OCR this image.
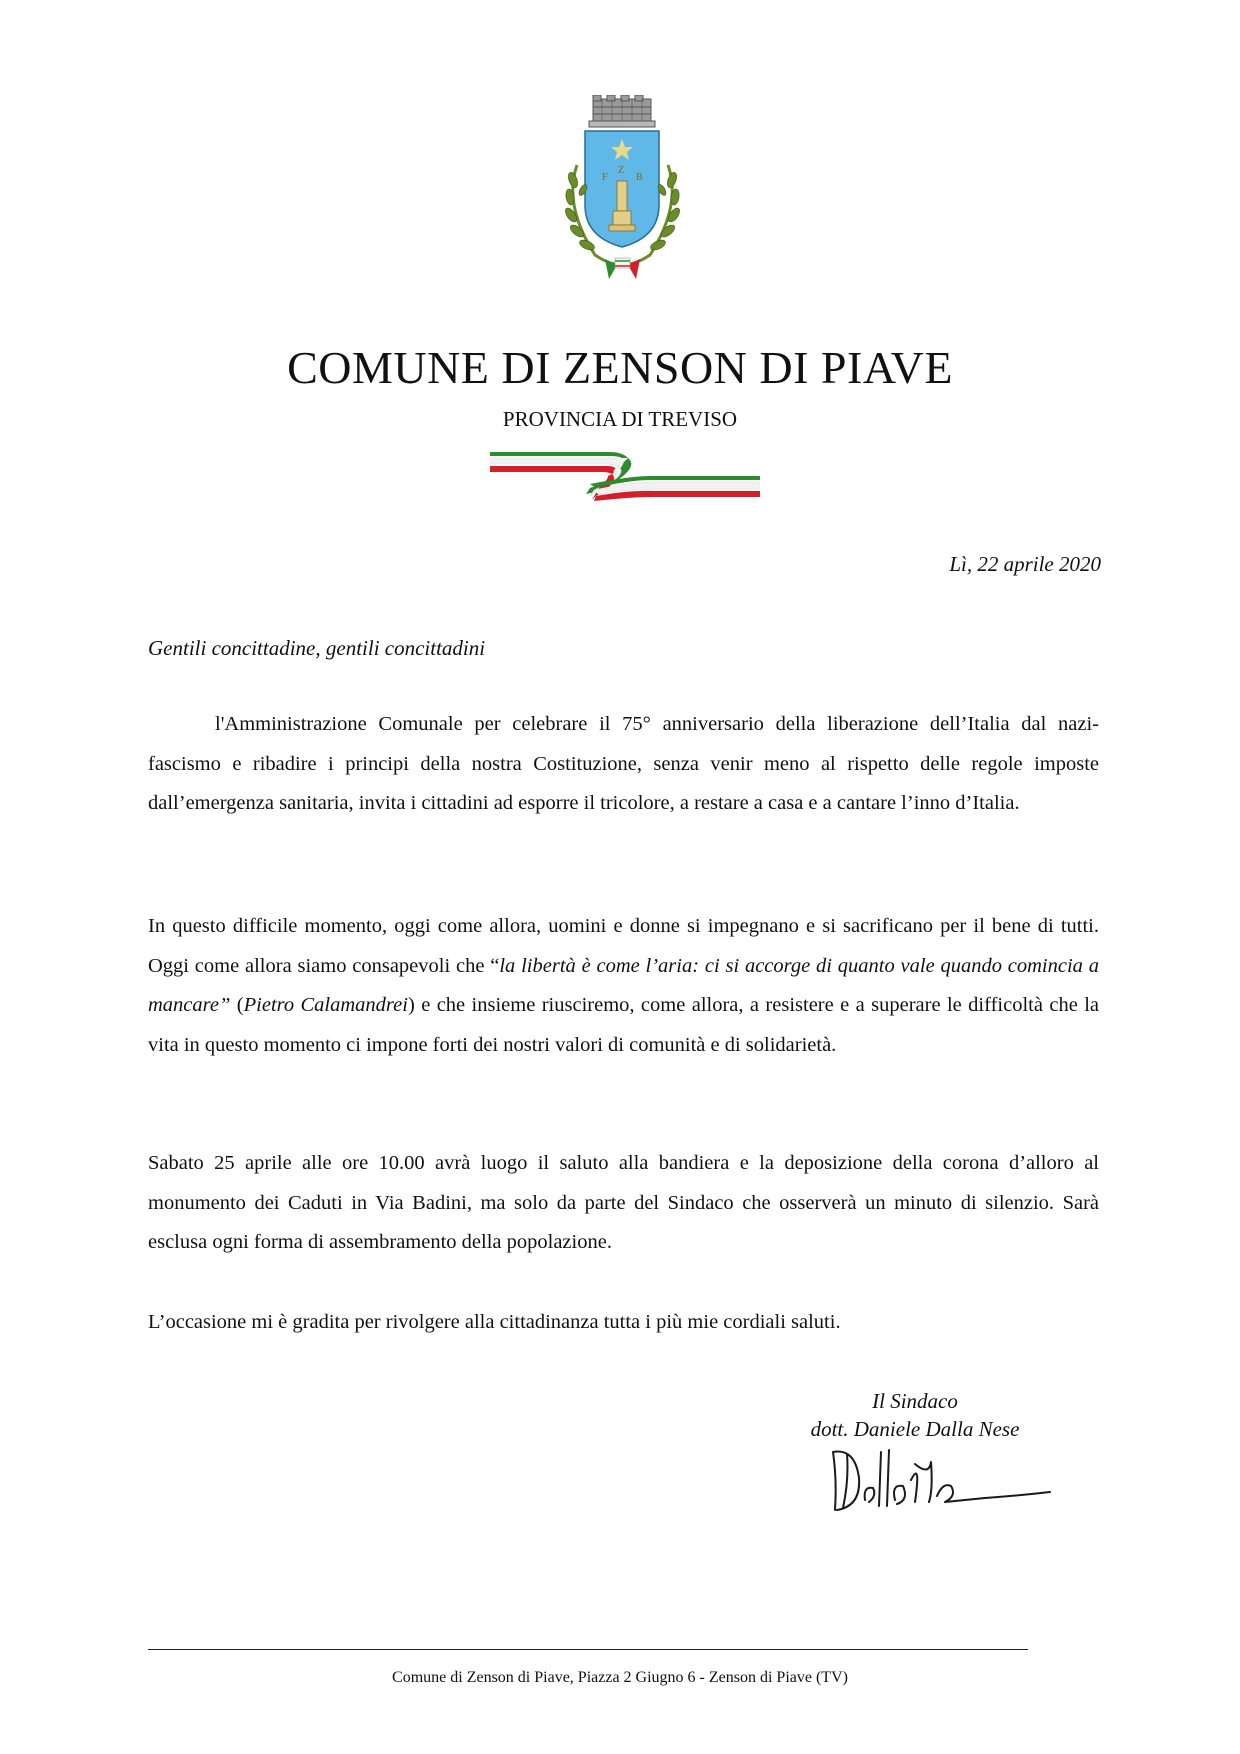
F
Z
B
COMUNE DI ZENSON DI PIAVE
PROVINCIA DI TREVISO
Lì, 22 aprile 2020
Gentili concittadine, gentili concittadini

l'Amministrazione Comunale per celebrare il 75° anniversario della liberazione dell’Italia dal nazi-fascismo e ribadire i principi della nostra Costituzione, senza venir meno al rispetto delle regole imposte dall’emergenza sanitaria, invita i cittadini ad esporre il tricolore, a restare a casa e a cantare l’inno d’Italia.

In questo difficile momento, oggi come allora, uomini e donne si impegnano e si sacrificano per il bene di tutti. Oggi come allora siamo consapevoli che “la libertà è come l’aria: ci si accorge di quanto vale quando comincia a mancare” (Pietro Calamandrei) e che insieme riusciremo, come allora, a resistere e a superare le difficoltà che la vita in questo momento ci impone forti dei nostri valori di comunità e di solidarietà.

Sabato 25 aprile alle ore 10.00 avrà luogo il saluto alla bandiera e la deposizione della corona d’alloro al monumento dei Caduti in Via Badini, ma solo da parte del Sindaco che osserverà un minuto di silenzio. Sarà esclusa ogni forma di assembramento della popolazione.

L’occasione mi è gradita per rivolgere alla cittadinanza tutta i più mie cordiali saluti.

Il Sindaco
dott. Daniele Dalla Nese
Comune di Zenson di Piave, Piazza 2 Giugno 6 - Zenson di Piave (TV)
